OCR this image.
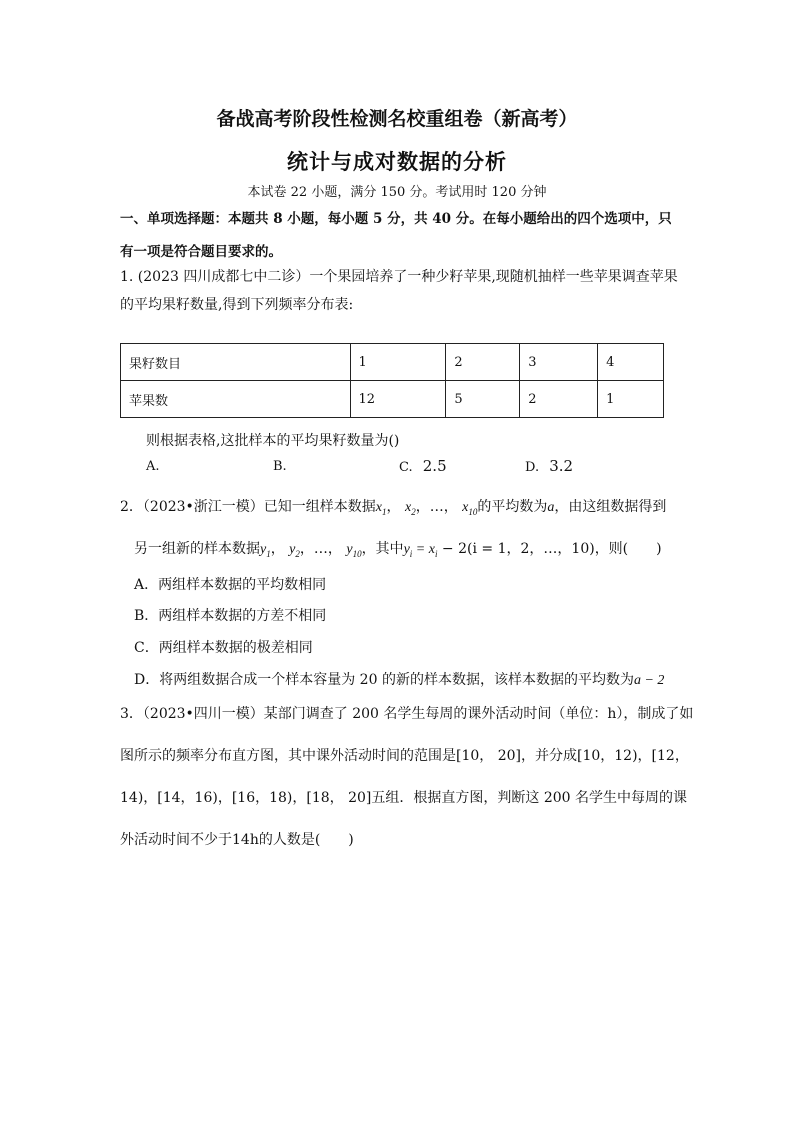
备战高考阶段性检测名校重组卷（新高考）
统计与成对数据的分析
本试卷 22 小题，满分 150 分。考试用时 120 分钟
一、单项选择题：本题共 8 小题，每小题 5 分，共 40 分。在每小题给出的四个选项中，只
有一项是符合题目要求的。
1. (2023 四川成都七中二诊）一个果园培养了一种少籽苹果,现随机抽样一些苹果调查苹果
的平均果籽数量,得到下列频率分布表:
果籽数目	1	2	3	4
苹果数	12	5	2	1
则根据表格,这批样本的平均果籽数量为()
A.	B.	C. 2.5	D. 3.2
2．（2023•浙江一模）已知一组样本数据$x_1$， $x_2$，…， $x_{10}$的平均数为a，由这组数据得到
另一组新的样本数据$y_1$， $y_2$，…， $y_{10}$，其中$y_i = x_i - 2(i = 1$，2，…，10)，则(　　)
A．两组样本数据的平均数相同
B．两组样本数据的方差不相同
C．两组样本数据的极差相同
D．将两组数据合成一个样本容量为 20 的新的样本数据，该样本数据的平均数为a − 2
3．（2023•四川一模）某部门调查了 200 名学生每周的课外活动时间（单位：h），制成了如
图所示的频率分布直方图，其中课外活动时间的范围是[10， 20]，并分成[10，12)，[12，
14)，[14，16)，[16，18)，[18， 20]五组．根据直方图，判断这 200 名学生中每周的课
外活动时间不少于14h的人数是(　　)
